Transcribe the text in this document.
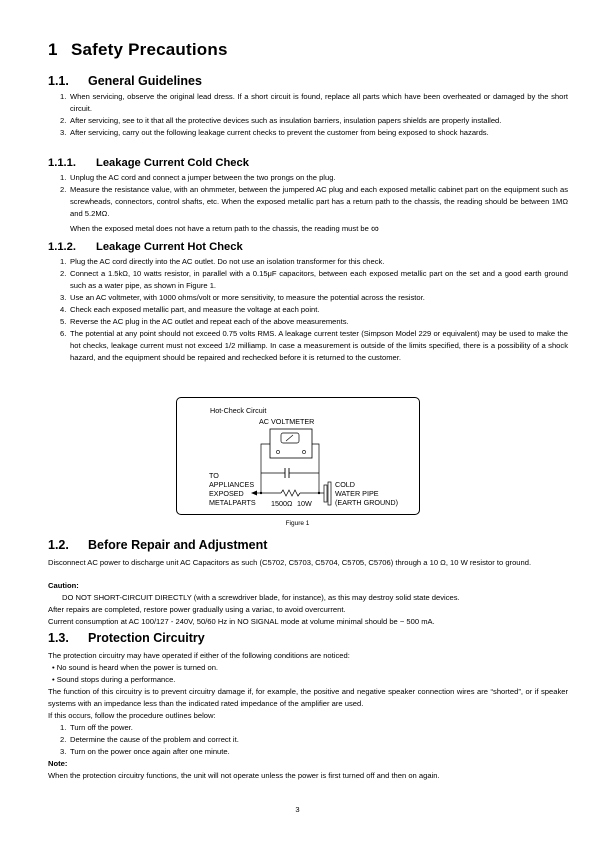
1 Safety Precautions
1.1. General Guidelines
1. When servicing, observe the original lead dress. If a short circuit is found, replace all parts which have been overheated or damaged by the short circuit.
2. After servicing, see to it that all the protective devices such as insulation barriers, insulation papers shields are properly installed.
3. After servicing, carry out the following leakage current checks to prevent the customer from being exposed to shock hazards.
1.1.1. Leakage Current Cold Check
1. Unplug the AC cord and connect a jumper between the two prongs on the plug.
2. Measure the resistance value, with an ohmmeter, between the jumpered AC plug and each exposed metallic cabinet part on the equipment such as screwheads, connectors, control shafts, etc. When the exposed metallic part has a return path to the chassis, the reading should be between 1MΩ and 5.2MΩ.

When the exposed metal does not have a return path to the chassis, the reading must be ∞

1.1.2. Leakage Current Hot Check
1. Plug the AC cord directly into the AC outlet. Do not use an isolation transformer for this check.
2. Connect a 1.5kΩ, 10 watts resistor, in parallel with a 0.15μF capacitors, between each exposed metallic part on the set and a good earth ground such as a water pipe, as shown in Figure 1.
3. Use an AC voltmeter, with 1000 ohms/volt or more sensitivity, to measure the potential across the resistor.
4. Check each exposed metallic part, and measure the voltage at each point.
5. Reverse the AC plug in the AC outlet and repeat each of the above measurements.
6. The potential at any point should not exceed 0.75 volts RMS. A leakage current tester (Simpson Model 229 or equivalent) may be used to make the hot checks, leakage current must not exceed 1/2 milliamp. In case a measurement is outside of the limits specified, there is a possibility of a shock hazard, and the equipment should be repaired and rechecked before it is returned to the customer.
Hot-Check Circuit
AC VOLTMETER
TO
APPLIANCES
EXPOSED
METALPARTS 1500Ω 10W
COLD
WATER PIPE
(EARTH GROUND)
Figure 1
1.2. Before Repair and Adjustment

Disconnect AC power to discharge unit AC Capacitors as such (C5702, C5703, C5704, C5705, C5706) through a 10 Ω, 10 W resistor to ground.

Caution:

DO NOT SHORT-CIRCUIT DIRECTLY (with a screwdriver blade, for instance), as this may destroy solid state devices.

After repairs are completed, restore power gradually using a variac, to avoid overcurrent.

Current consumption at AC 100/127 - 240V, 50/60 Hz in NO SIGNAL mode at volume minimal should be ~ 500 mA.

1.3. Protection Circuitry

The protection circuitry may have operated if either of the following conditions are noticed:

• No sound is heard when the power is turned on.
• Sound stops during a performance.

The function of this circuitry is to prevent circuitry damage if, for example, the positive and negative speaker connection wires are “shorted”, or if speaker systems with an impedance less than the indicated rated impedance of the amplifier are used.

If this occurs, follow the procedure outlines below:

1. Turn off the power.
2. Determine the cause of the problem and correct it.
3. Turn on the power once again after one minute.

Note:

When the protection circuitry functions, the unit will not operate unless the power is first turned off and then on again.

3
